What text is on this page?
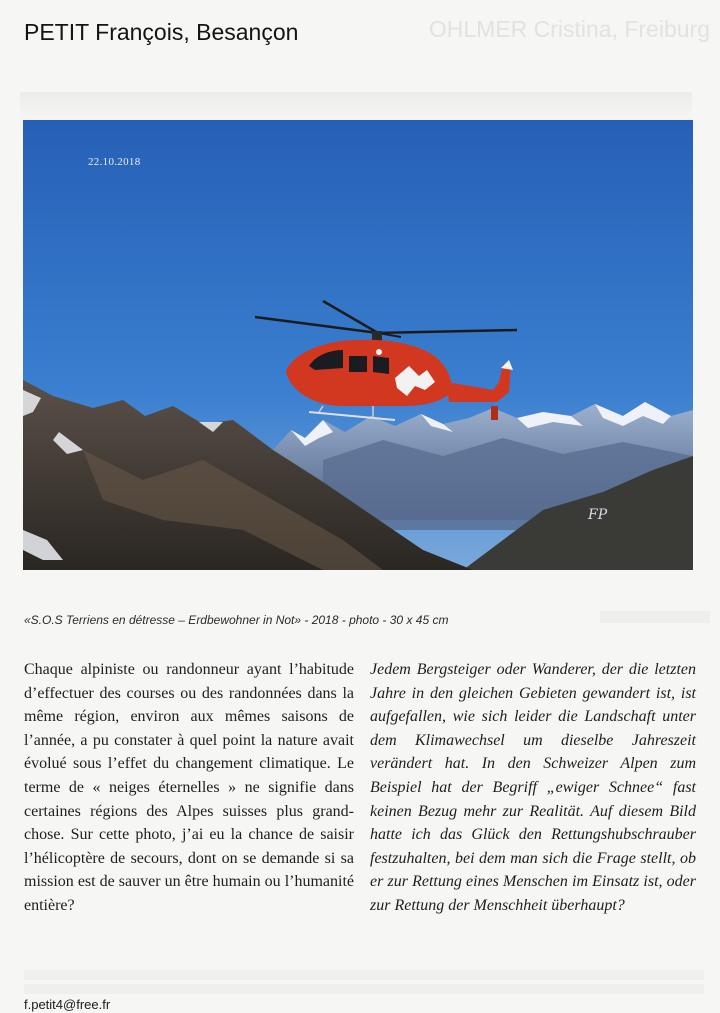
OHLMER Cristina, Freiburg
PETIT François, Besançon
22.10.2018
FP
«S.O.S Terriens en détresse – Erdbewohner in Not» - 2018 - photo - 30 x 45 cm

Chaque alpiniste ou randonneur ayant l’habitude d’effectuer des courses ou des randonnées dans la même région, environ aux mêmes saisons de l’année, a pu constater à quel point la nature avait évolué sous l’effet du changement climatique. Le terme de « neiges éternelles » ne signifie dans certaines régions des Alpes suisses plus grand-chose. Sur cette photo, j’ai eu la chance de saisir l’hélicoptère de secours, dont on se demande si sa mission est de sauver un être humain ou l’humanité entière?

Jedem Bergsteiger oder Wanderer, der die letzten Jahre in den gleichen Gebieten gewandert ist, ist aufgefallen, wie sich leider die Landschaft unter dem Klimawechsel um dieselbe Jahreszeit verändert hat. In den Schweizer Alpen zum Beispiel hat der Begriff „ewiger Schnee“ fast keinen Bezug mehr zur Realität. Auf diesem Bild hatte ich das Glück den Rettungshubschrauber festzuhalten, bei dem man sich die Frage stellt, ob er zur Rettung eines Menschen im Einsatz ist, oder zur Rettung der Menschheit überhaupt?

f.petit4@free.fr
